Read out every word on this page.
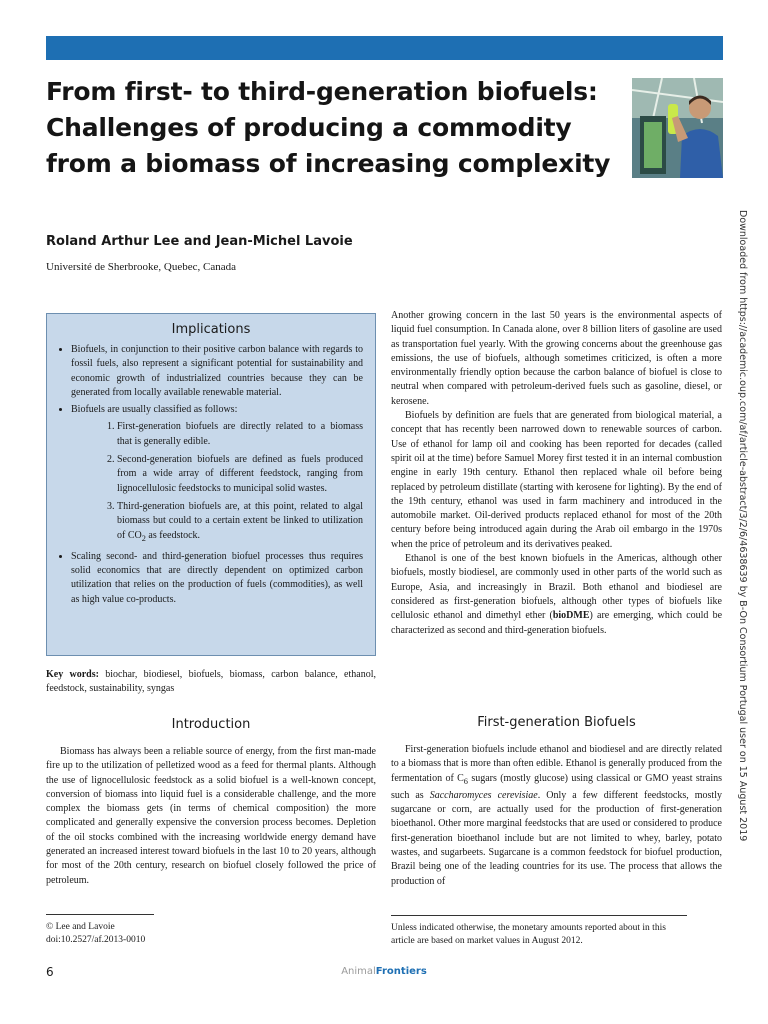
From first- to third-generation biofuels: Challenges of producing a commodity from a biomass of increasing complexity

Roland Arthur Lee and Jean-Michel Lavoie

Université de Sherbrooke, Quebec, Canada	Downloaded from https://academic.oup.com/af/article-abstract/3/2/6/4638639 by B-On Consortium Portugal user on 15 August 2019
Implications
• Biofuels, in conjunction to their positive carbon balance with regards to fossil fuels, also represent a significant potential for sustainability and economic growth of industrialized countries because they can be generated from locally available renewable material.
• Biofuels are usually classified as follows:
1. First-generation biofuels are directly related to a biomass that is generally edible.
2. Second-generation biofuels are defined as fuels produced from a wide array of different feedstock, ranging from lignocellulosic feedstocks to municipal solid wastes.
3. Third-generation biofuels are, at this point, related to algal biomass but could to a certain extent be linked to utilization of $CO_2$ as feedstock.
• Scaling second- and third-generation biofuel processes thus requires solid economics that are directly dependent on optimized carbon utilization that relies on the production of fuels (commodities), as well as high value co-products.

Key words: biochar, biodiesel, biofuels, biomass, carbon balance, ethanol, feedstock, sustainability, syngas

Introduction

Biomass has always been a reliable source of energy, from the first man-made fire up to the utilization of pelletized wood as a feed for thermal plants. Although the use of lignocellulosic feedstock as a solid biofuel is a well-known concept, conversion of biomass into liquid fuel is a considerable challenge, and the more complex the biomass gets (in terms of chemical composition) the more complicated and generally expensive the conversion process becomes. Depletion of the oil stocks combined with the increasing worldwide energy demand have generated an increased interest toward biofuels in the last 10 to 20 years, although for most of the 20th century, research on biofuel closely followed the price of petroleum.

Another growing concern in the last 50 years is the environmental aspects of liquid fuel consumption. In Canada alone, over 8 billion liters of gasoline are used as transportation fuel yearly. With the growing concerns about the greenhouse gas emissions, the use of biofuels, although sometimes criticized, is often a more environmentally friendly option because the carbon balance of biofuel is close to neutral when compared with petroleum-derived fuels such as gasoline, diesel, or kerosene.

Biofuels by definition are fuels that are generated from biological material, a concept that has recently been narrowed down to renewable sources of carbon. Use of ethanol for lamp oil and cooking has been reported for decades (called spirit oil at the time) before Samuel Morey first tested it in an internal combustion engine in early 19th century. Ethanol then replaced whale oil before being replaced by petroleum distillate (starting with kerosene for lighting). By the end of the 19th century, ethanol was used in farm machinery and introduced in the automobile market. Oil-derived products replaced ethanol for most of the 20th century before being introduced again during the Arab oil embargo in the 1970s when the price of petroleum and its derivatives peaked.

Ethanol is one of the best known biofuels in the Americas, although other biofuels, mostly biodiesel, are commonly used in other parts of the world such as Europe, Asia, and increasingly in Brazil. Both ethanol and biodiesel are considered as first-generation biofuels, although other types of biofuels like cellulosic ethanol and dimethyl ether (bioDME) are emerging, which could be characterized as second and third-generation biofuels.

First-generation Biofuels

First-generation biofuels include ethanol and biodiesel and are directly related to a biomass that is more than often edible. Ethanol is generally produced from the fermentation of $C_6$ sugars (mostly glucose) using classical or GMO yeast strains such as Saccharomyces cerevisiae. Only a few different feedstocks, mostly sugarcane or corn, are actually used for the production of first-generation bioethanol. Other more marginal feedstocks that are used or considered to produce first-generation bioethanol include but are not limited to whey, barley, potato wastes, and sugarbeets. Sugarcane is a common feedstock for biofuel production, Brazil being one of the leading countries for its use. The process that allows the production of

© Lee and Lavoie
doi:10.2527/af.2013-0010

Unless indicated otherwise, the monetary amounts reported about in this article are based on market values in August 2012.

6	AnimalFrontiers
